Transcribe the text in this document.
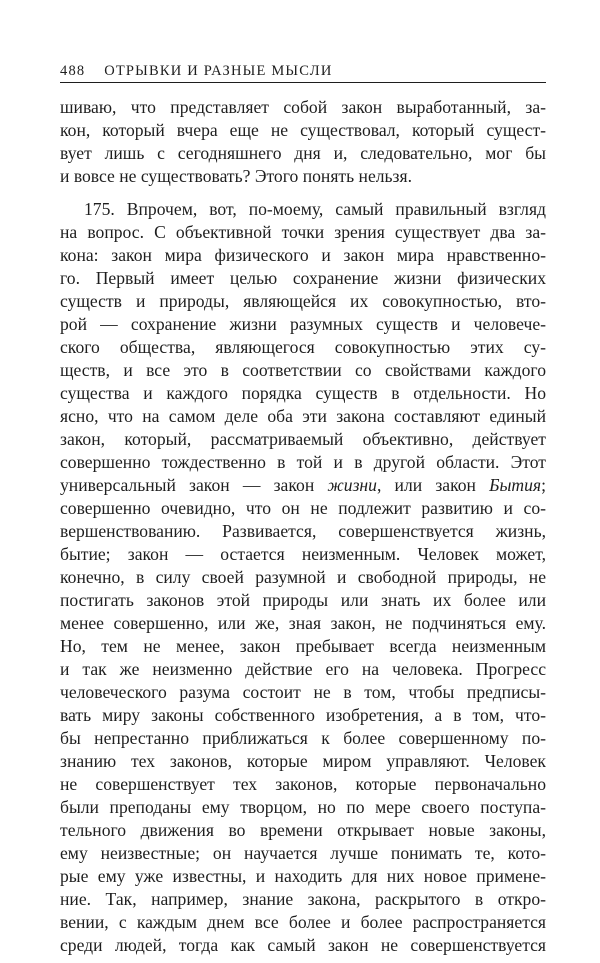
488 ОТРЫВКИ И РАЗНЫЕ МЫСЛИ
шиваю, что представляет собой закон выработанный, за-
кон, который вчера еще не существовал, который сущест-
вует лишь с сегодняшнего дня и, следовательно, мог бы
и вовсе не существовать? Этого понять нельзя.
175. Впрочем, вот, по-моему, самый правильный взгляд
на вопрос. С объективной точки зрения существует два за-
кона: закон мира физического и закон мира нравственно-
го. Первый имеет целью сохранение жизни физических
существ и природы, являющейся их совокупностью, вто-
рой — сохранение жизни разумных существ и человече-
ского общества, являющегося совокупностью этих су-
ществ, и все это в соответствии со свойствами каждого
существа и каждого порядка существ в отдельности. Но
ясно, что на самом деле оба эти закона составляют единый
закон, который, рассматриваемый объективно, действует
совершенно тождественно в той и в другой области. Этот
универсальный закон — закон жизни, или закон Бытия;
совершенно очевидно, что он не подлежит развитию и со-
вершенствованию. Развивается, совершенствуется жизнь,
бытие; закон — остается неизменным. Человек может,
конечно, в силу своей разумной и свободной природы, не
постигать законов этой природы или знать их более или
менее совершенно, или же, зная закон, не подчиняться ему.
Но, тем не менее, закон пребывает всегда неизменным
и так же неизменно действие его на человека. Прогресс
человеческого разума состоит не в том, чтобы предписы-
вать миру законы собственного изобретения, а в том, что-
бы непрестанно приближаться к более совершенному по-
знанию тех законов, которые миром управляют. Человек
не совершенствует тех законов, которые первоначально
были преподаны ему творцом, но по мере своего поступа-
тельного движения во времени открывает новые законы,
ему неизвестные; он научается лучше понимать те, кото-
рые ему уже известны, и находить для них новое примене-
ние. Так, например, знание закона, раскрытого в откро-
вении, с каждым днем все более и более распространяется
среди людей, тогда как самый закон не совершенствуется
